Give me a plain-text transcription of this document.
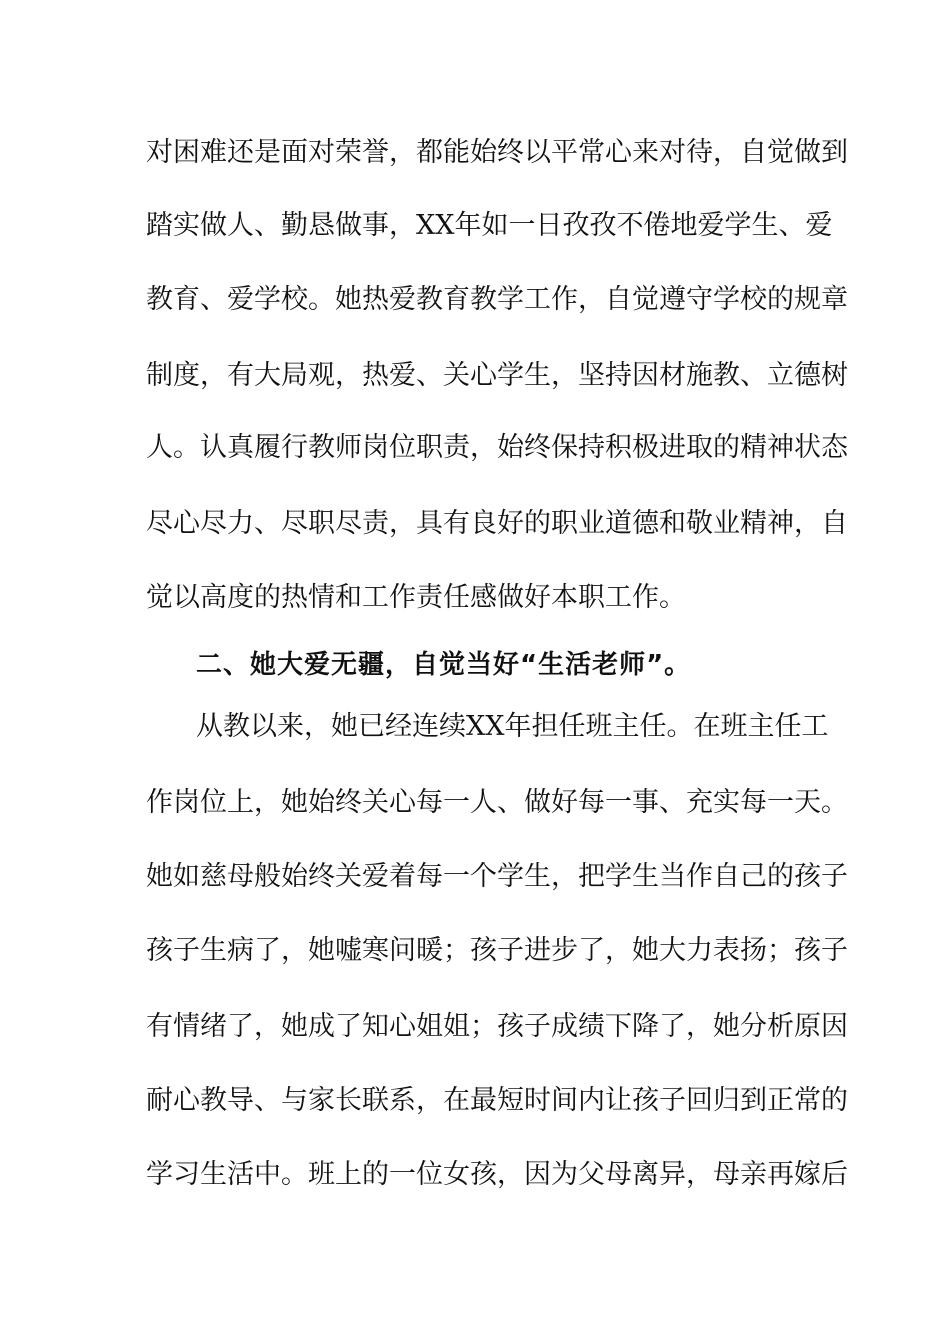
对困难还是面对荣誉，都能始终以平常心来对待，自觉做到
踏实做人、勤恳做事，XX年如一日孜孜不倦地爱学生、爱
教育、爱学校。她热爱教育教学工作，自觉遵守学校的规章
制度，有大局观，热爱、关心学生，坚持因材施教、立德树
人。认真履行教师岗位职责，始终保持积极进取的精神状态
尽心尽力、尽职尽责，具有良好的职业道德和敬业精神，自
觉以高度的热情和工作责任感做好本职工作。
二、她大爱无疆，自觉当好“生活老师”。
从教以来，她已经连续XX年担任班主任。在班主任工
作岗位上，她始终关心每一人、做好每一事、充实每一天。
她如慈母般始终关爱着每一个学生，把学生当作自己的孩子
孩子生病了，她嘘寒问暖；孩子进步了，她大力表扬；孩子
有情绪了，她成了知心姐姐；孩子成绩下降了，她分析原因
耐心教导、与家长联系，在最短时间内让孩子回归到正常的
学习生活中。班上的一位女孩，因为父母离异，母亲再嫁后
